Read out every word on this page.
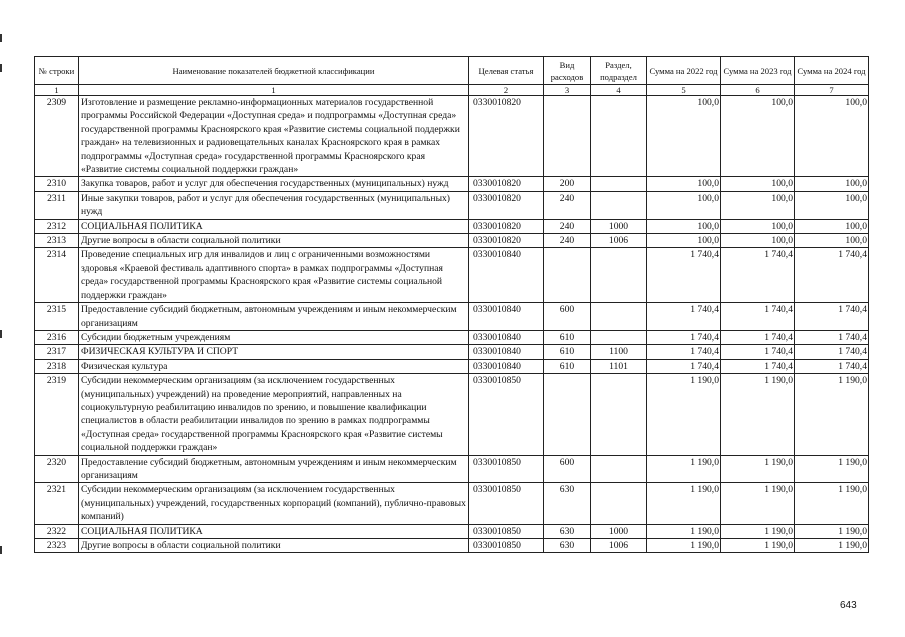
№ строки	Наименование показателей бюджетной классификации	Целевая статья	Вид расходов	Раздел, подраздел	Сумма на 2022 год	Сумма на 2023 год	Сумма на 2024 год
1	1	2	3	4	5	6	7
2309	Изготовление и размещение рекламно-информационных материалов государственной программы Российской Федерации «Доступная среда» и подпрограммы «Доступная среда» государственной программы Красноярского края «Развитие системы социальной поддержки граждан» на телевизионных и радиовещательных каналах Красноярского края в рамках подпрограммы «Доступная среда» государственной программы Красноярского края «Развитие системы социальной поддержки граждан»	0330010820			100,0	100,0	100,0
2310	Закупка товаров, работ и услуг для обеспечения государственных (муниципальных) нужд	0330010820	200		100,0	100,0	100,0
2311	Иные закупки товаров, работ и услуг для обеспечения государственных (муниципальных) нужд	0330010820	240		100,0	100,0	100,0
2312	СОЦИАЛЬНАЯ ПОЛИТИКА	0330010820	240	1000	100,0	100,0	100,0
2313	Другие вопросы в области социальной политики	0330010820	240	1006	100,0	100,0	100,0
2314	Проведение специальных игр для инвалидов и лиц с ограниченными возможностями здоровья «Краевой фестиваль адаптивного спорта» в рамках подпрограммы «Доступная среда» государственной программы Красноярского края «Развитие системы социальной поддержки граждан»	0330010840			1 740,4	1 740,4	1 740,4
2315	Предоставление субсидий бюджетным, автономным учреждениям и иным некоммерческим организациям	0330010840	600		1 740,4	1 740,4	1 740,4
2316	Субсидии бюджетным учреждениям	0330010840	610		1 740,4	1 740,4	1 740,4
2317	ФИЗИЧЕСКАЯ КУЛЬТУРА И СПОРТ	0330010840	610	1100	1 740,4	1 740,4	1 740,4
2318	Физическая культура	0330010840	610	1101	1 740,4	1 740,4	1 740,4
2319	Субсидии некоммерческим организациям (за исключением государственных (муниципальных) учреждений) на проведение мероприятий, направленных на социокультурную реабилитацию инвалидов по зрению, и повышение квалификации специалистов в области реабилитации инвалидов по зрению в рамках подпрограммы «Доступная среда» государственной программы Красноярского края «Развитие системы социальной поддержки граждан»	0330010850			1 190,0	1 190,0	1 190,0
2320	Предоставление субсидий бюджетным, автономным учреждениям и иным некоммерческим организациям	0330010850	600		1 190,0	1 190,0	1 190,0
2321	Субсидии некоммерческим организациям (за исключением государственных (муниципальных) учреждений, государственных корпораций (компаний), публично-правовых компаний)	0330010850	630		1 190,0	1 190,0	1 190,0
2322	СОЦИАЛЬНАЯ ПОЛИТИКА	0330010850	630	1000	1 190,0	1 190,0	1 190,0
2323	Другие вопросы в области социальной политики	0330010850	630	1006	1 190,0	1 190,0	1 190,0
643
